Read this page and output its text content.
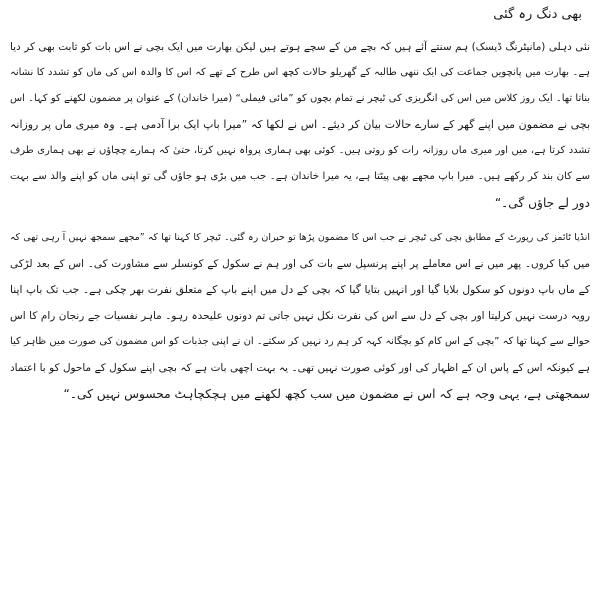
بھی دنگ رہ گئی
نئی دہلی (مانیٹرنگ ڈیسک) ہم سنتے آئے ہیں کہ بچے من کے سچے ہوتے ہیں لیکن بھارت میں ایک بچی نے اس بات کو ثابت بھی کر دیا
ہے۔ بھارت میں پانچویں جماعت کی ایک ننھی طالبہ کے گھریلو حالات کچھ اس طرح کے تھے کہ اس کا والدہ اس کی ماں کو تشدد کا نشانہ
بناتا تھا۔ ایک روز کلاس میں اس کی انگریزی کی ٹیچر نے تمام بچوں کو ”مائی فیملی“ (میرا خاندان) کے عنوان پر مضمون لکھنے کو کہا۔ اس
بچی نے مضمون میں اپنے گھر کے سارے حالات بیان کر دیئے۔ اس نے لکھا کہ ”میرا باپ ایک برا آدمی ہے۔ وہ میری ماں پر روزانہ
تشدد کرتا ہے، میں اور میری ماں روزانہ رات کو روتی ہیں۔ کوئی بھی ہماری پرواہ نہیں کرتا، حتیٰ کہ ہمارے چچاؤں نے بھی ہماری طرف
سے کان بند کر رکھے ہیں۔ میرا باپ مجھے بھی پیٹتا ہے، یہ میرا خاندان ہے۔ جب میں بڑی ہو جاؤں گی تو اپنی ماں کو اپنے والد سے بہت
دور لے جاؤں گی۔“
انڈیا ٹائمز کی رپورٹ کے مطابق بچی کی ٹیچر نے جب اس کا مضمون پڑھا تو حیران رہ گئی۔ ٹیچر کا کہنا تھا کہ ”مجھے سمجھ نہیں آ رہی تھی کہ
میں کیا کروں۔ پھر میں نے اس معاملے پر اپنے پرنسپل سے بات کی اور ہم نے سکول کے کونسلر سے مشاورت کی۔ اس کے بعد لڑکی
کے ماں باپ دونوں کو سکول بلایا گیا اور انہیں بتایا گیا کہ بچی کے دل میں اپنے باپ کے متعلق نفرت بھر چکی ہے۔ جب تک باپ اپنا
رویہ درست نہیں کرلیتا اور بچی کے دل سے اس کی نفرت نکل نہیں جاتی تم دونوں علیحدہ رہو۔ ماہر نفسیات جے رنجان رام کا اس
حوالے سے کہنا تھا کہ ”بچی کے اس کام کو بچگانہ کہہ کر ہم رد نہیں کر سکتے۔ ان نے اپنی جذبات کو اس مضمون کی صورت میں ظاہر کیا
ہے کیونکہ اس کے پاس ان کے اظہار کی اور کوئی صورت نہیں تھی۔ یہ بہت اچھی بات ہے کہ بچی اپنے سکول کے ماحول کو با اعتماد
سمجھتی ہے، یہی وجہ ہے کہ اس نے مضمون میں سب کچھ لکھنے میں ہچکچاہٹ محسوس نہیں کی۔“
